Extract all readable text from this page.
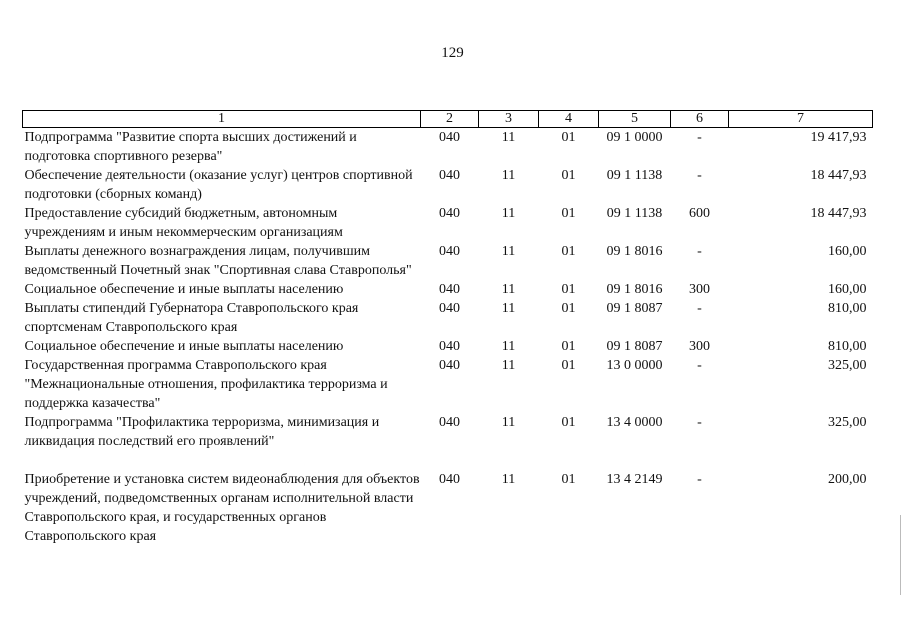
129
1	2	3	4	5	6	7
Подпрограмма "Развитие спорта высших достижений и подготовка спортивного резерва"	040	11	01	09 1 0000	-	19 417,93
Обеспечение деятельности (оказание услуг) центров спортивной подготовки (сборных команд)	040	11	01	09 1 1138	-	18 447,93
Предоставление субсидий бюджетным, автономным учреждениям и иным некоммерческим организациям	040	11	01	09 1 1138	600	18 447,93
Выплаты денежного вознаграждения лицам, получившим ведомственный Почетный знак "Спортивная слава Ставрополья"	040	11	01	09 1 8016	-	160,00
Социальное обеспечение и иные выплаты населению	040	11	01	09 1 8016	300	160,00
Выплаты стипендий Губернатора Ставропольского края спортсменам Ставропольского края	040	11	01	09 1 8087	-	810,00
Социальное обеспечение и иные выплаты населению	040	11	01	09 1 8087	300	810,00
Государственная программа Ставропольского края "Межнациональные отношения, профилактика терроризма и поддержка казачества"	040	11	01	13 0 0000	-	325,00
Подпрограмма "Профилактика терроризма, минимизация и ликвидация последствий его проявлений"	040	11	01	13 4 0000	-	325,00

Приобретение и установка систем видеонаблюдения для объектов учреждений, подведомственных органам исполнительной власти Ставропольского края, и государственных органов Ставропольского края	040	11	01	13 4 2149	-	200,00
